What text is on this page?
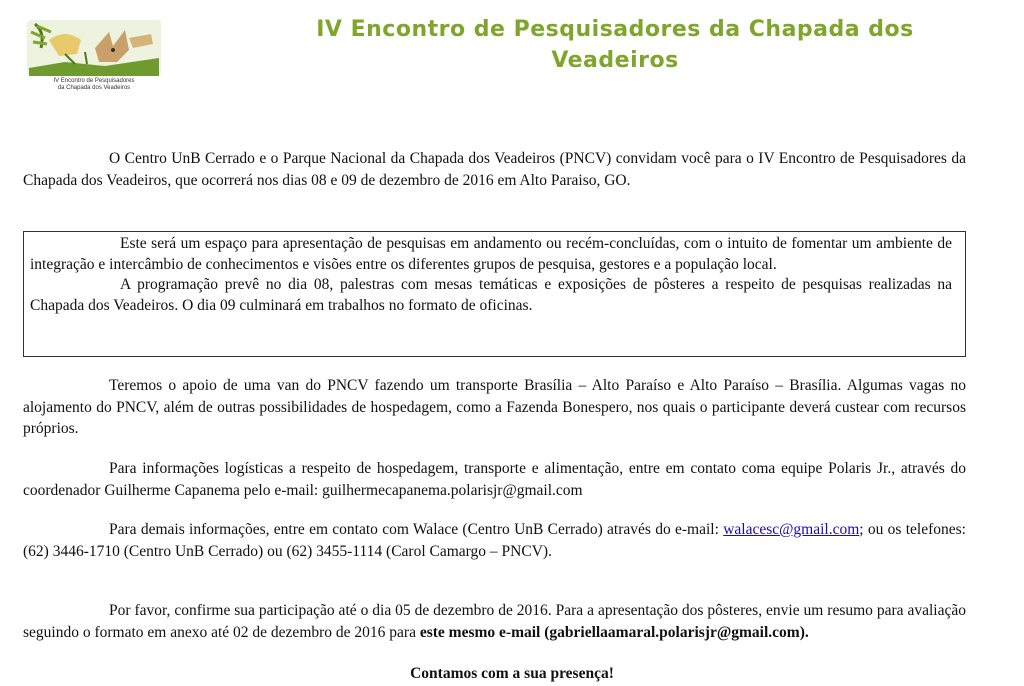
IV Encontro de Pesquisadores
da Chapada dos Veadeiros
IV Encontro de Pesquisadores da Chapada dos
Veadeiros
O Centro UnB Cerrado e o Parque Nacional da Chapada dos Veadeiros (PNCV) convidam você para o IV Encontro de Pesquisadores da Chapada dos Veadeiros, que ocorrerá nos dias 08 e 09 de dezembro de 2016 em Alto Paraiso, GO.

Este será um espaço para apresentação de pesquisas em andamento ou recém-concluídas, com o intuito de fomentar um ambiente de integração e intercâmbio de conhecimentos e visões entre os diferentes grupos de pesquisa, gestores e a população local.

A programação prevê no dia 08, palestras com mesas temáticas e exposições de pôsteres a respeito de pesquisas realizadas na Chapada dos Veadeiros. O dia 09 culminará em trabalhos no formato de oficinas.

Teremos o apoio de uma van do PNCV fazendo um transporte Brasília – Alto Paraíso e Alto Paraíso – Brasília. Algumas vagas no alojamento do PNCV, além de outras possibilidades de hospedagem, como a Fazenda Bonespero, nos quais o participante deverá custear com recursos próprios.
Para informações logísticas a respeito de hospedagem, transporte e alimentação, entre em contato coma equipe Polaris Jr., através do coordenador Guilherme Capanema pelo e-mail: guilhermecapanema.polarisjr@gmail.com
Para demais informações, entre em contato com Walace (Centro UnB Cerrado) através do e-mail: walacesc@gmail.com; ou os telefones: (62) 3446-1710 (Centro UnB Cerrado) ou (62) 3455-1114 (Carol Camargo – PNCV).
Por favor, confirme sua participação até o dia 05 de dezembro de 2016. Para a apresentação dos pôsteres, envie um resumo para avaliação seguindo o formato em anexo até 02 de dezembro de 2016 para este mesmo e-mail (gabriellaamaral.polarisjr@gmail.com).
Contamos com a sua presença!
